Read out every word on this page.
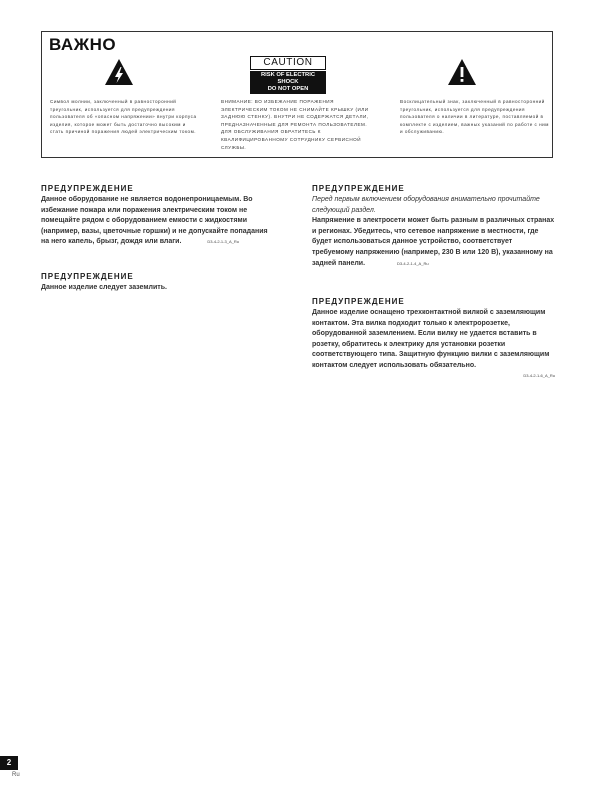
ВАЖНО
Символ молнии, заключенный в равносторонний треугольник, используется для предупреждения пользователя об «опасном напряжении» внутри корпуса изделия, которое может быть достаточно высоким и стать причиной поражения людей электрическим током.
CAUTION
RISK OF ELECTRIC SHOCK
DO NOT OPEN
ВНИМАНИЕ: ВО ИЗБЕЖАНИЕ ПОРАЖЕНИЯ ЭЛЕКТРИЧЕСКИМ ТОКОМ НЕ СНИМАЙТЕ КРЫШКУ (ИЛИ ЗАДНЮЮ СТЕНКУ). ВНУТРИ НЕ СОДЕРЖАТСЯ ДЕТАЛИ, ПРЕДНАЗНАЧЕННЫЕ ДЛЯ РЕМОНТА ПОЛЬЗОВАТЕЛЕМ. ДЛЯ ОБСЛУЖИВАНИЯ ОБРАТИТЕСЬ К КВАЛИФИЦИРОВАННОМУ СОТРУДНИКУ СЕРВИСНОЙ СЛУЖБЫ.
Восклицательный знак, заключенный в равносторонний треугольник, используется для предупреждения пользователя о наличии в литературе, поставляемой в комплекте с изделием, важных указаний по работе с ним и обслуживанию.
ПРЕДУПРЕЖДЕНИЕ

Данное оборудование не является водонепроницаемым. Во избежание пожара или поражения электрическим током не помещайте рядом с оборудованием емкости с жидкостями (например, вазы, цветочные горшки) и не допускайте попадания на него капель, брызг, дождя или влаги.	D3-4-2-1-3_A_Ru

ПРЕДУПРЕЖДЕНИЕ

Данное изделие следует заземлить.

ПРЕДУПРЕЖДЕНИЕ

Перед первым включением оборудования внимательно прочитайте следующий раздел.

Напряжение в электросети может быть разным в различных странах и регионах. Убедитесь, что сетевое напряжение в местности, где будет использоваться данное устройство, соответствует требуемому напряжению (например, 230 В или 120 В), указанному на задней панели.	D3-4-2-1-4_A_Ru

ПРЕДУПРЕЖДЕНИЕ

Данное изделие оснащено трехконтактной вилкой с заземляющим контактом. Эта вилка подходит только к электророзетке, оборудованной заземлением. Если вилку не удается вставить в розетку, обратитесь к электрику для установки розетки соответствующего типа. Защитную функцию вилки с заземляющим контактом следует использовать обязательно.

D3-4-2-1-6_A_Ru
2
Ru
